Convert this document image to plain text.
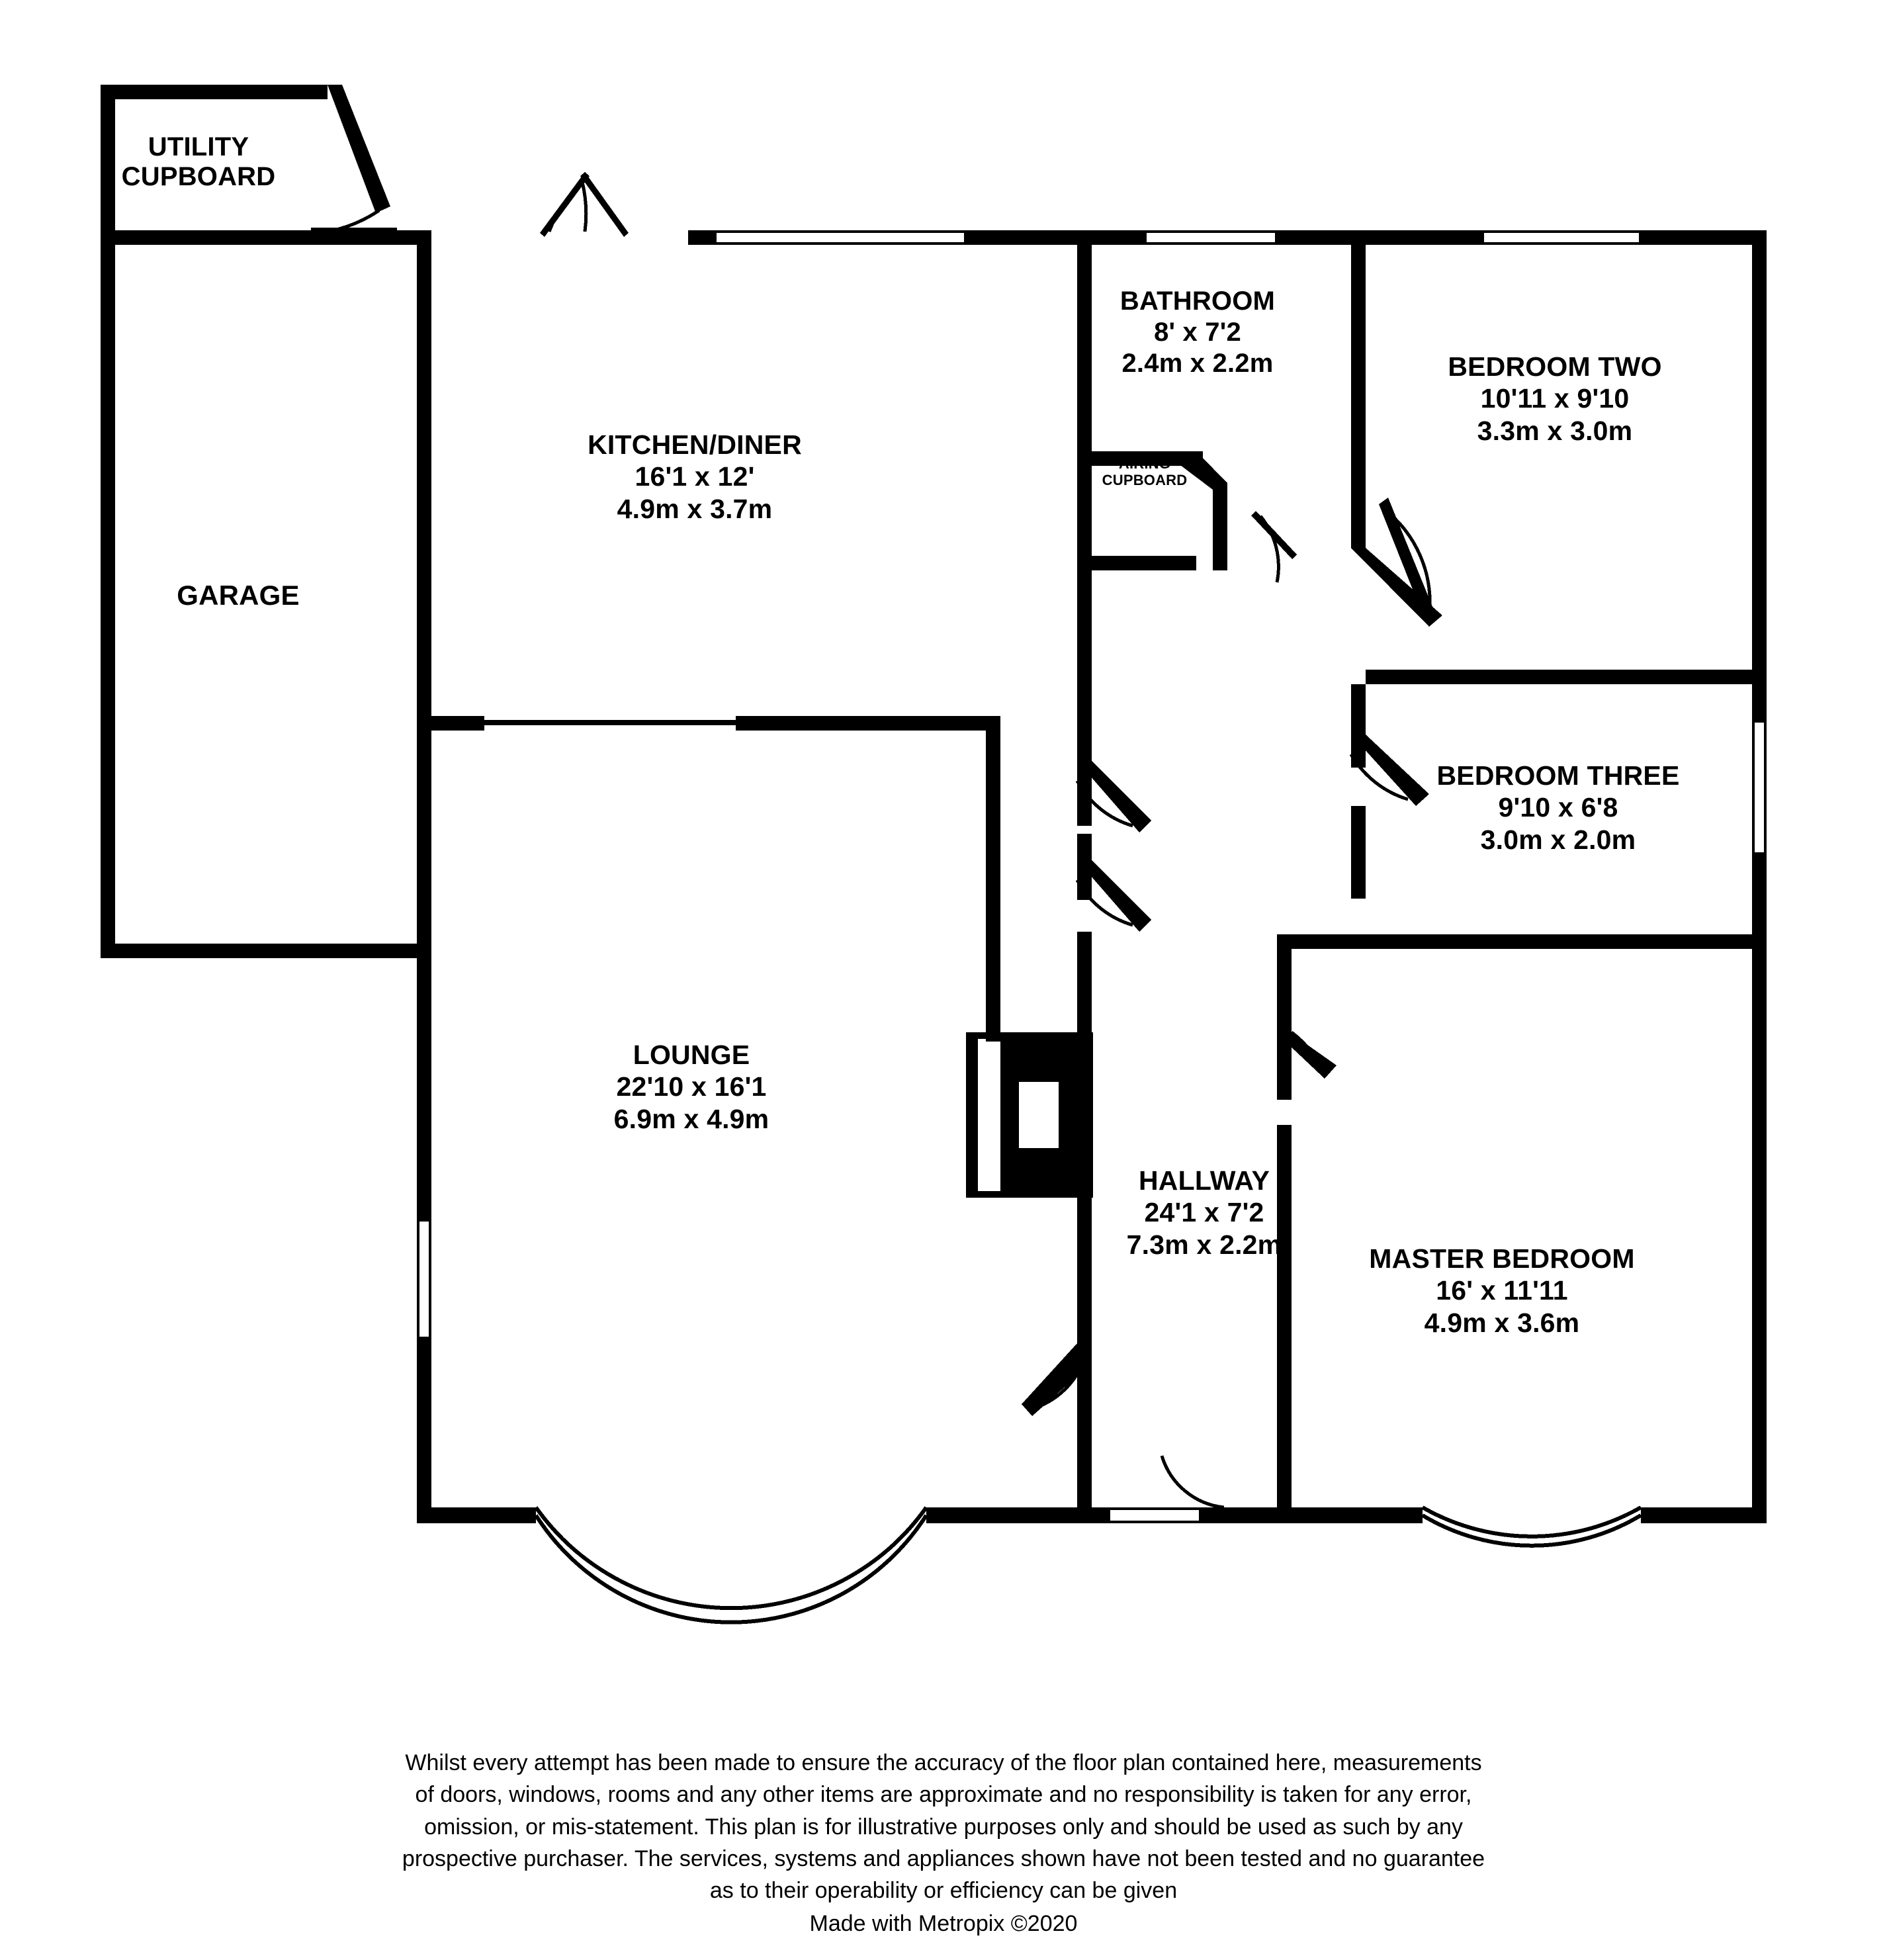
UTILITY
CUPBOARD
GARAGE
KITCHEN/DINER
16'1 x 12'
4.9m x 3.7m
BATHROOM
8' x 7'2
2.4m x 2.2m
AIRING
CUPBOARD
BEDROOM TWO
10'11 x 9'10
3.3m x 3.0m
BEDROOM THREE
9'10 x 6'8
3.0m x 2.0m
MASTER BEDROOM
16' x 11'11
4.9m x 3.6m
LOUNGE
22'10 x 16'1
6.9m x 4.9m
HALLWAY
24'1 x 7'2
7.3m x 2.2m

Whilst every attempt has been made to ensure the accuracy of the floor plan contained here, measurements

of doors, windows, rooms and any other items are approximate and no responsibility is taken for any error,

omission, or mis-statement. This plan is for illustrative purposes only and should be used as such by any

prospective purchaser. The services, systems and appliances shown have not been tested and no guarantee

as to their operability or efficiency can be given

Made with Metropix ©2020
